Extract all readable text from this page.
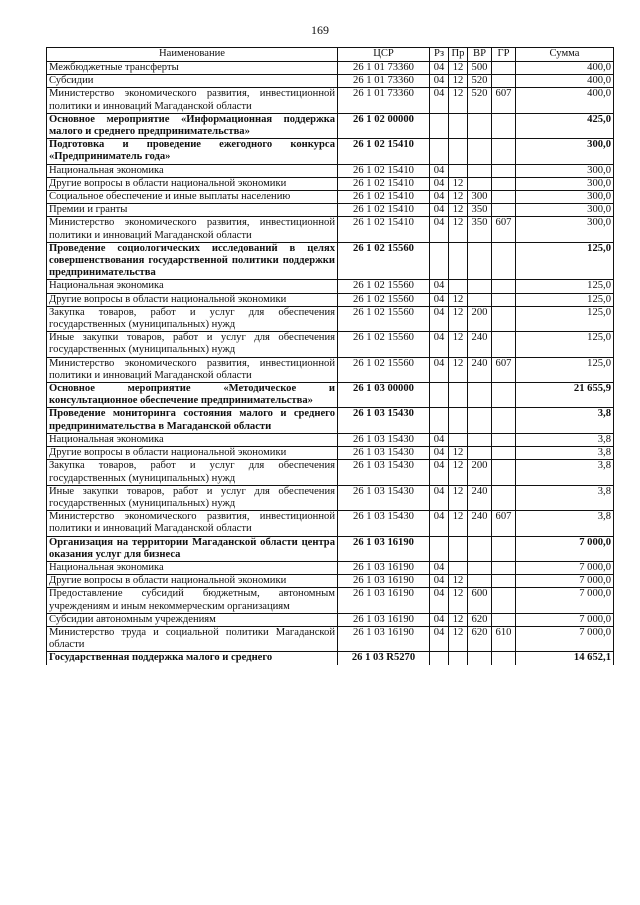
169
Наименование	ЦСР	Рз	Пр	ВР	ГР	Сумма
Межбюджетные трансферты	26 1 01 73360	04	12	500		400,0
Субсидии	26 1 01 73360	04	12	520		400,0
Министерство экономического развития, инвестиционной политики и инноваций Магаданской области	26 1 01 73360	04	12	520	607	400,0
Основное мероприятие «Информационная поддержка малого и среднего предпринимательства»	26 1 02 00000					425,0
Подготовка и проведение ежегодного конкурса «Предприниматель года»	26 1 02 15410					300,0
Национальная экономика	26 1 02 15410	04				300,0
Другие вопросы в области национальной экономики	26 1 02 15410	04	12			300,0
Социальное обеспечение и иные выплаты населению	26 1 02 15410	04	12	300		300,0
Премии и гранты	26 1 02 15410	04	12	350		300,0
Министерство экономического развития, инвестиционной политики и инноваций Магаданской области	26 1 02 15410	04	12	350	607	300,0
Проведение социологических исследований в целях совершенствования государственной политики поддержки предпринимательства	26 1 02 15560					125,0
Национальная экономика	26 1 02 15560	04				125,0
Другие вопросы в области национальной экономики	26 1 02 15560	04	12			125,0
Закупка товаров, работ и услуг для обеспечения государственных (муниципальных) нужд	26 1 02 15560	04	12	200		125,0
Иные закупки товаров, работ и услуг для обеспечения государственных (муниципальных) нужд	26 1 02 15560	04	12	240		125,0
Министерство экономического развития, инвестиционной политики и инноваций Магаданской области	26 1 02 15560	04	12	240	607	125,0
Основное мероприятие «Методическое и консультационное обеспечение предпринимательства»	26 1 03 00000					21 655,9
Проведение мониторинга состояния малого и среднего предпринимательства в Магаданской области	26 1 03 15430					3,8
Национальная экономика	26 1 03 15430	04				3,8
Другие вопросы в области национальной экономики	26 1 03 15430	04	12			3,8
Закупка товаров, работ и услуг для обеспечения государственных (муниципальных) нужд	26 1 03 15430	04	12	200		3,8
Иные закупки товаров, работ и услуг для обеспечения государственных (муниципальных) нужд	26 1 03 15430	04	12	240		3,8
Министерство экономического развития, инвестиционной политики и инноваций Магаданской области	26 1 03 15430	04	12	240	607	3,8
Организация на территории Магаданской области центра оказания услуг для бизнеса	26 1 03 16190					7 000,0
Национальная экономика	26 1 03 16190	04				7 000,0
Другие вопросы в области национальной экономики	26 1 03 16190	04	12			7 000,0
Предоставление субсидий бюджетным, автономным учреждениям и иным некоммерческим организациям	26 1 03 16190	04	12	600		7 000,0
Субсидии автономным учреждениям	26 1 03 16190	04	12	620		7 000,0
Министерство труда и социальной политики Магаданской области	26 1 03 16190	04	12	620	610	7 000,0
Государственная поддержка малого и среднего	26 1 03 R5270					14 652,1
